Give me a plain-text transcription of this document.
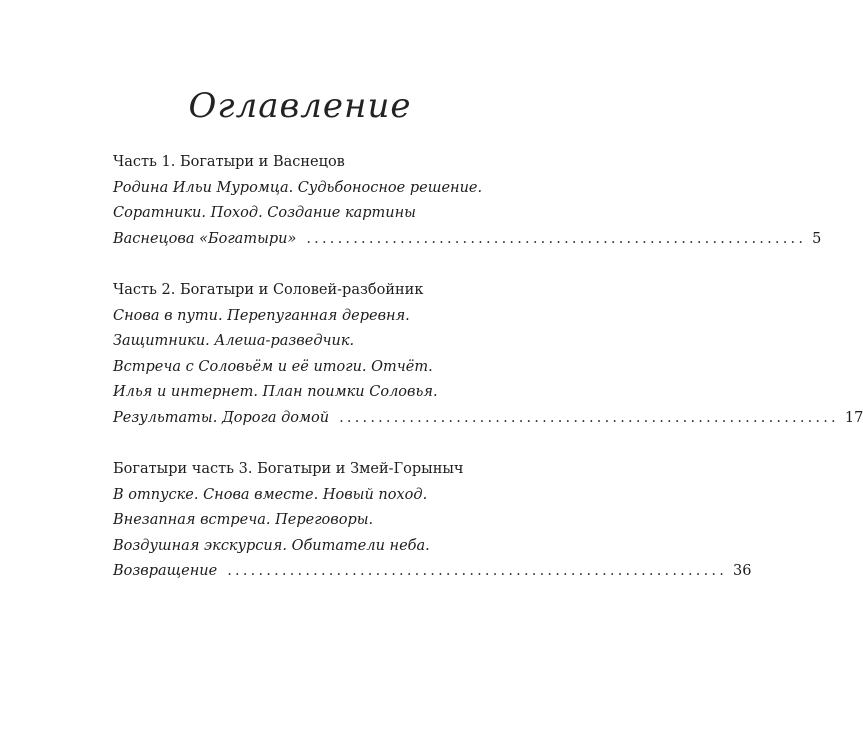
Оглавление
Часть 1. Богатыри и Васнецов
Родина Ильи Муромца. Судьбоносное решение.
Соратники. Поход. Создание картины
Васнецова «Богатыри» ................................................................ 5
Часть 2. Богатыри и Соловей-разбойник
Снова в пути. Перепуганная деревня.
Защитники. Алеша-разведчик.
Встреча с Соловьём и её итоги. Отчёт.
Илья и интернет. План поимки Соловья.
Результаты. Дорога домой ................................................................ 17
Богатыри часть 3. Богатыри и Змей-Горыныч
В отпуске. Снова вместе. Новый поход.
Внезапная встреча. Переговоры.
Воздушная экскурсия. Обитатели неба.
Возвращение ................................................................ 36
